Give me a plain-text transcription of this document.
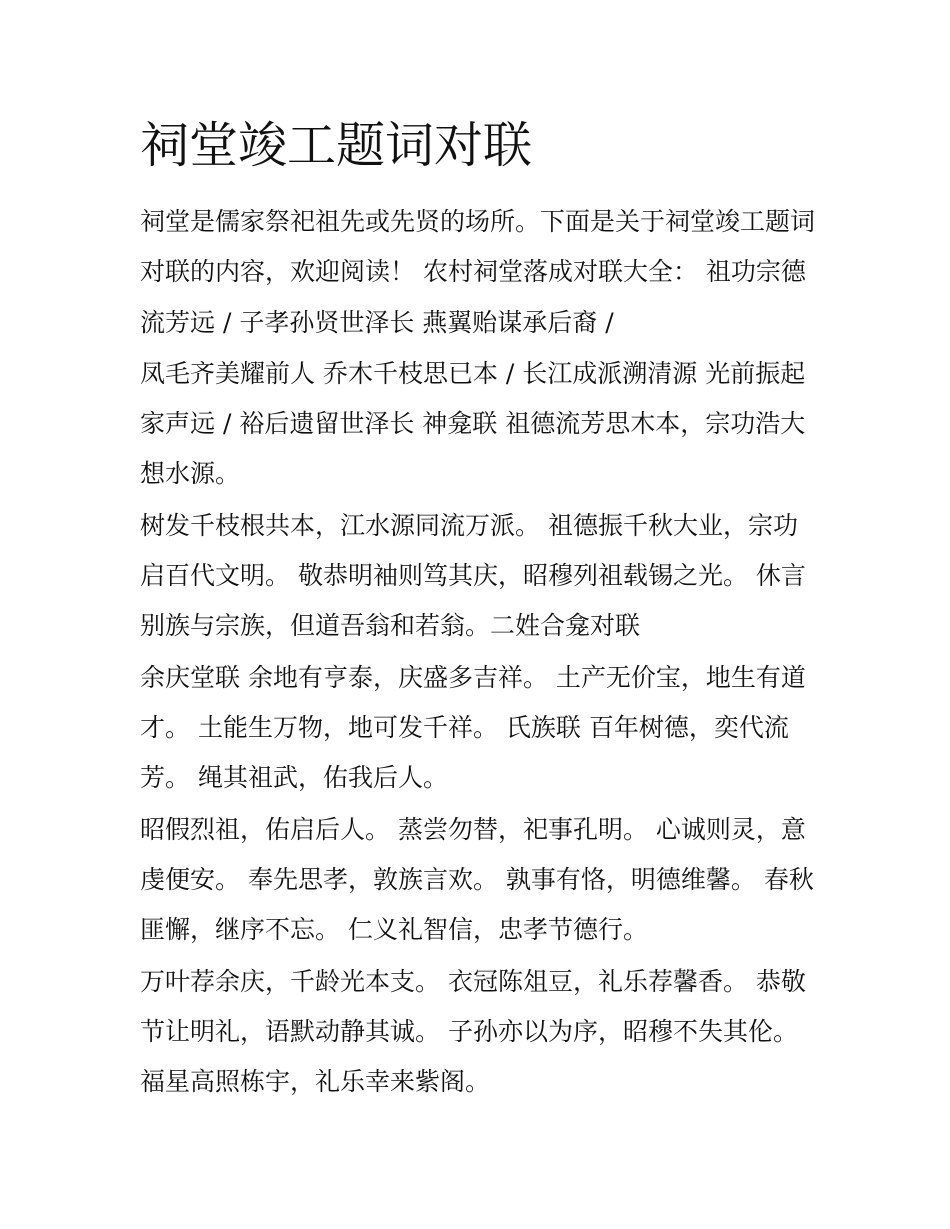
祠堂竣工题词对联

祠堂是儒家祭祀祖先或先贤的场所。下面是关于祠堂竣工题词

对联的内容，欢迎阅读！ 农村祠堂落成对联大全： 祖功宗德

流芳远 / 子孝孙贤世泽长 燕翼贻谋承后裔 /

凤毛齐美耀前人 乔木千枝思已本 / 长江成派溯清源 光前振起

家声远 / 裕后遗留世泽长 神龛联 祖德流芳思木本，宗功浩大

想水源。

树发千枝根共本，江水源同流万派。 祖德振千秋大业，宗功

启百代文明。 敬恭明袖则笃其庆，昭穆列祖载锡之光。 休言

别族与宗族，但道吾翁和若翁。二姓合龛对联

余庆堂联 余地有亨泰，庆盛多吉祥。 土产无价宝，地生有道

才。 土能生万物，地可发千祥。 氏族联 百年树德，奕代流

芳。 绳其祖武，佑我后人。

昭假烈祖，佑启后人。 蒸尝勿替，祀事孔明。 心诚则灵，意

虔便安。 奉先思孝，敦族言欢。 孰事有恪，明德维馨。 春秋

匪懈，继序不忘。 仁义礼智信，忠孝节德行。

万叶荐余庆，千龄光本支。 衣冠陈俎豆，礼乐荐馨香。 恭敬

节让明礼，语默动静其诚。 子孙亦以为序，昭穆不失其伦。

福星高照栋宇，礼乐幸来紫阁。
